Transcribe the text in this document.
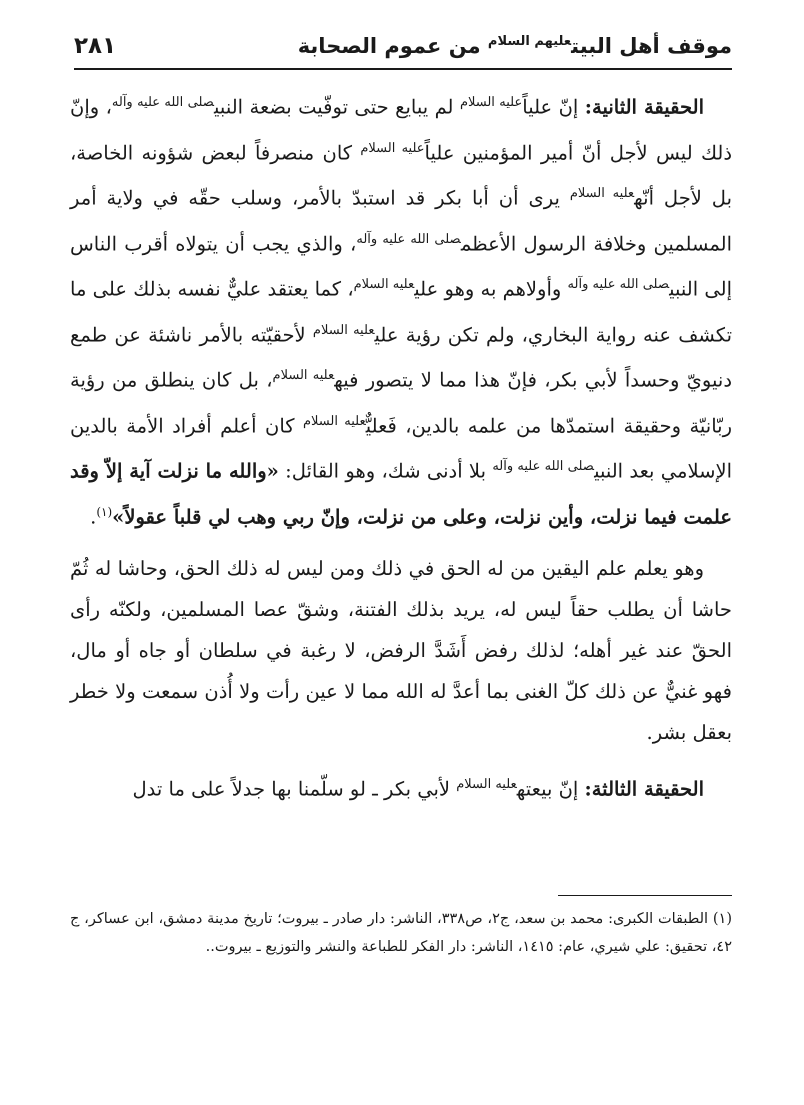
موقف أهل البيت$^{عليهم السلام}$ من عموم الصحابة
٢٨١

الحقيقة الثانية: إنّ علياً$^{عليه السلام}$ لم يبايع حتى توفّيت بضعة النبي$^{صلى الله عليه وآله}$، وإنّ ذلك ليس لأجل أنّ أمير المؤمنين علياً$^{عليه السلام}$ كان منصرفاً لبعض شؤونه الخاصة، بل لأجل أنّه$^{عليه السلام}$ يرى أن أبا بكر قد استبدّ بالأمر، وسلب حقّه في ولاية أمر المسلمين وخلافة الرسول الأعظم$^{صلى الله عليه وآله}$، والذي يجب أن يتولاه أقرب الناس إلى النبي$^{صلى الله عليه وآله}$ وأولاهم به وهو علي$^{عليه السلام}$، كما يعتقد عليٌّ نفسه بذلك على ما تكشف عنه رواية البخاري، ولم تكن رؤية علي$^{عليه السلام}$ لأحقيّته بالأمر ناشئة عن طمع دنيويّ وحسداً لأبي بكر، فإنّ هذا مما لا يتصور فيه$^{عليه السلام}$، بل كان ينطلق من رؤية ربّانيّة وحقيقة استمدّها من علمه بالدين، فَعليٌّ$^{عليه السلام}$ كان أعلم أفراد الأمة بالدين الإسلامي بعد النبي$^{صلى الله عليه وآله}$ بلا أدنى شك، وهو القائل: «والله ما نزلت آية إلاّ وقد علمت فيما نزلت، وأين نزلت، وعلى من نزلت، وإنّ ربي وهب لي قلباً عقولاً»$^{(١)}$.

وهو يعلم علم اليقين من له الحق في ذلك ومن ليس له ذلك الحق، وحاشا له ثُمّ حاشا أن يطلب حقاً ليس له، يريد بذلك الفتنة، وشقّ عصا المسلمين، ولكنّه رأى الحقّ عند غير أهله؛ لذلك رفض أَشَدَّ الرفض، لا رغبة في سلطان أو جاه أو مال، فهو غنيٌّ عن ذلك كلّ الغنى بما أعدَّ له الله مما لا عين رأت ولا أُذن سمعت ولا خطر بعقل بشر.

الحقيقة الثالثة: إنّ بيعته$^{عليه السلام}$ لأبي بكر ـ لو سلّمنا بها جدلاً على ما تدل

(١) الطبقات الكبرى: محمد بن سعد، ج٢، ص٣٣٨، الناشر: دار صادر ـ بيروت؛ تاريخ مدينة دمشق، ابن عساكر، ج ٤٢، تحقيق: علي شيري، عام: ١٤١٥، الناشر: دار الفكر للطباعة والنشر والتوزيع ـ بيروت..
